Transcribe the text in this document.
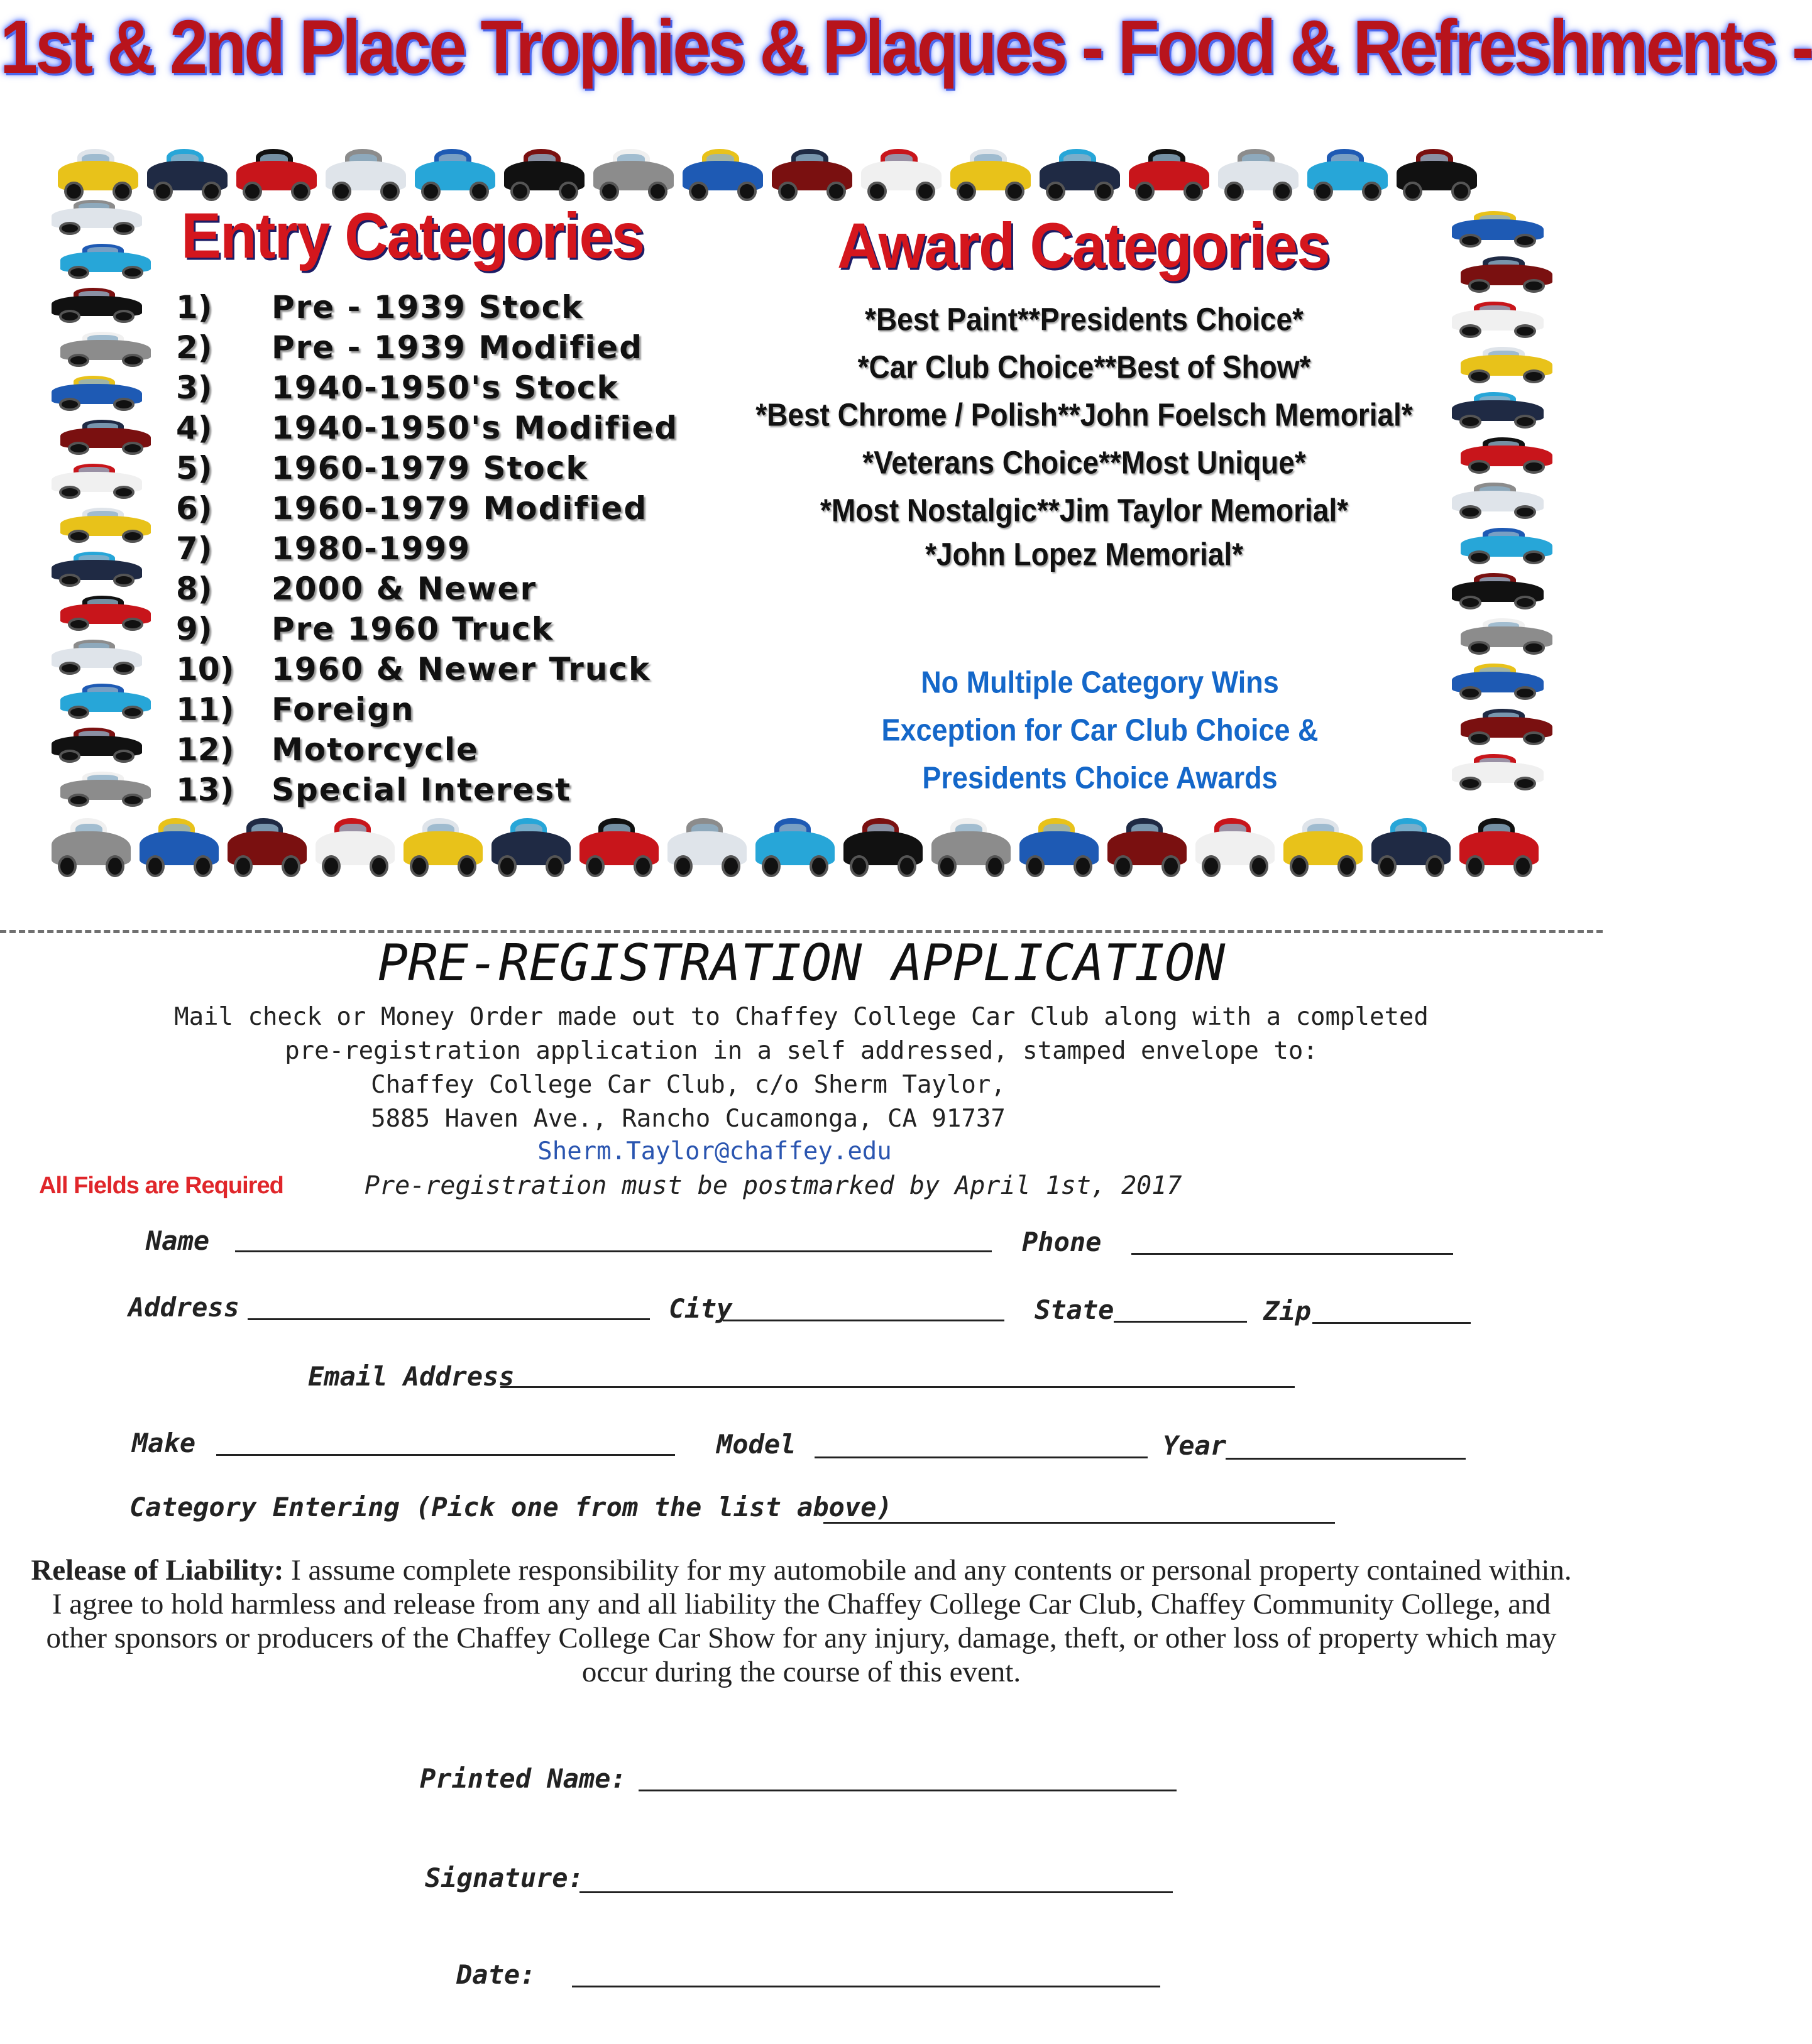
1st & 2nd Place Trophies & Plaques - Food & Refreshments -
Entry Categories
1) Pre - 1939 Stock
2) Pre - 1939 Modified
3) 1940-1950's Stock
4) 1940-1950's Modified
5) 1960-1979 Stock
6) 1960-1979 Modified
7) 1980-1999
8) 2000 & Newer
9) Pre 1960 Truck
10) 1960 & Newer Truck
11) Foreign
12) Motorcycle
13) Special Interest
Award Categories
*Best Paint**Presidents Choice*
*Car Club Choice**Best of Show*
*Best Chrome / Polish**John Foelsch Memorial*
*Veterans Choice**Most Unique*
*Most Nostalgic**Jim Taylor Memorial*
*John Lopez Memorial*
No Multiple Category Wins
Exception for Car Club Choice &
Presidents Choice Awards
PRE-REGISTRATION APPLICATION
Mail check or Money Order made out to Chaffey College Car Club along with a completed
pre-registration application in a self addressed, stamped envelope to:
Chaffey College Car Club, c/o Sherm Taylor,
5885 Haven Ave., Rancho Cucamonga, CA 91737
Sherm.Taylor@chaffey.edu
All Fields are Required	Pre-registration must be postmarked by April 1st, 2017
Name	Phone
Address	City	State	Zip
Email Address
Make	Model	Year
Category Entering (Pick one from the list above)
Release of Liability: I assume complete responsibility for my automobile and any contents or personal property contained within. I agree to hold harmless and release from any and all liability the Chaffey College Car Club, Chaffey Community College, and other sponsors or producers of the Chaffey College Car Show for any injury, damage, theft, or other loss of property which may occur during the course of this event.
Printed Name:
Signature:
Date:
